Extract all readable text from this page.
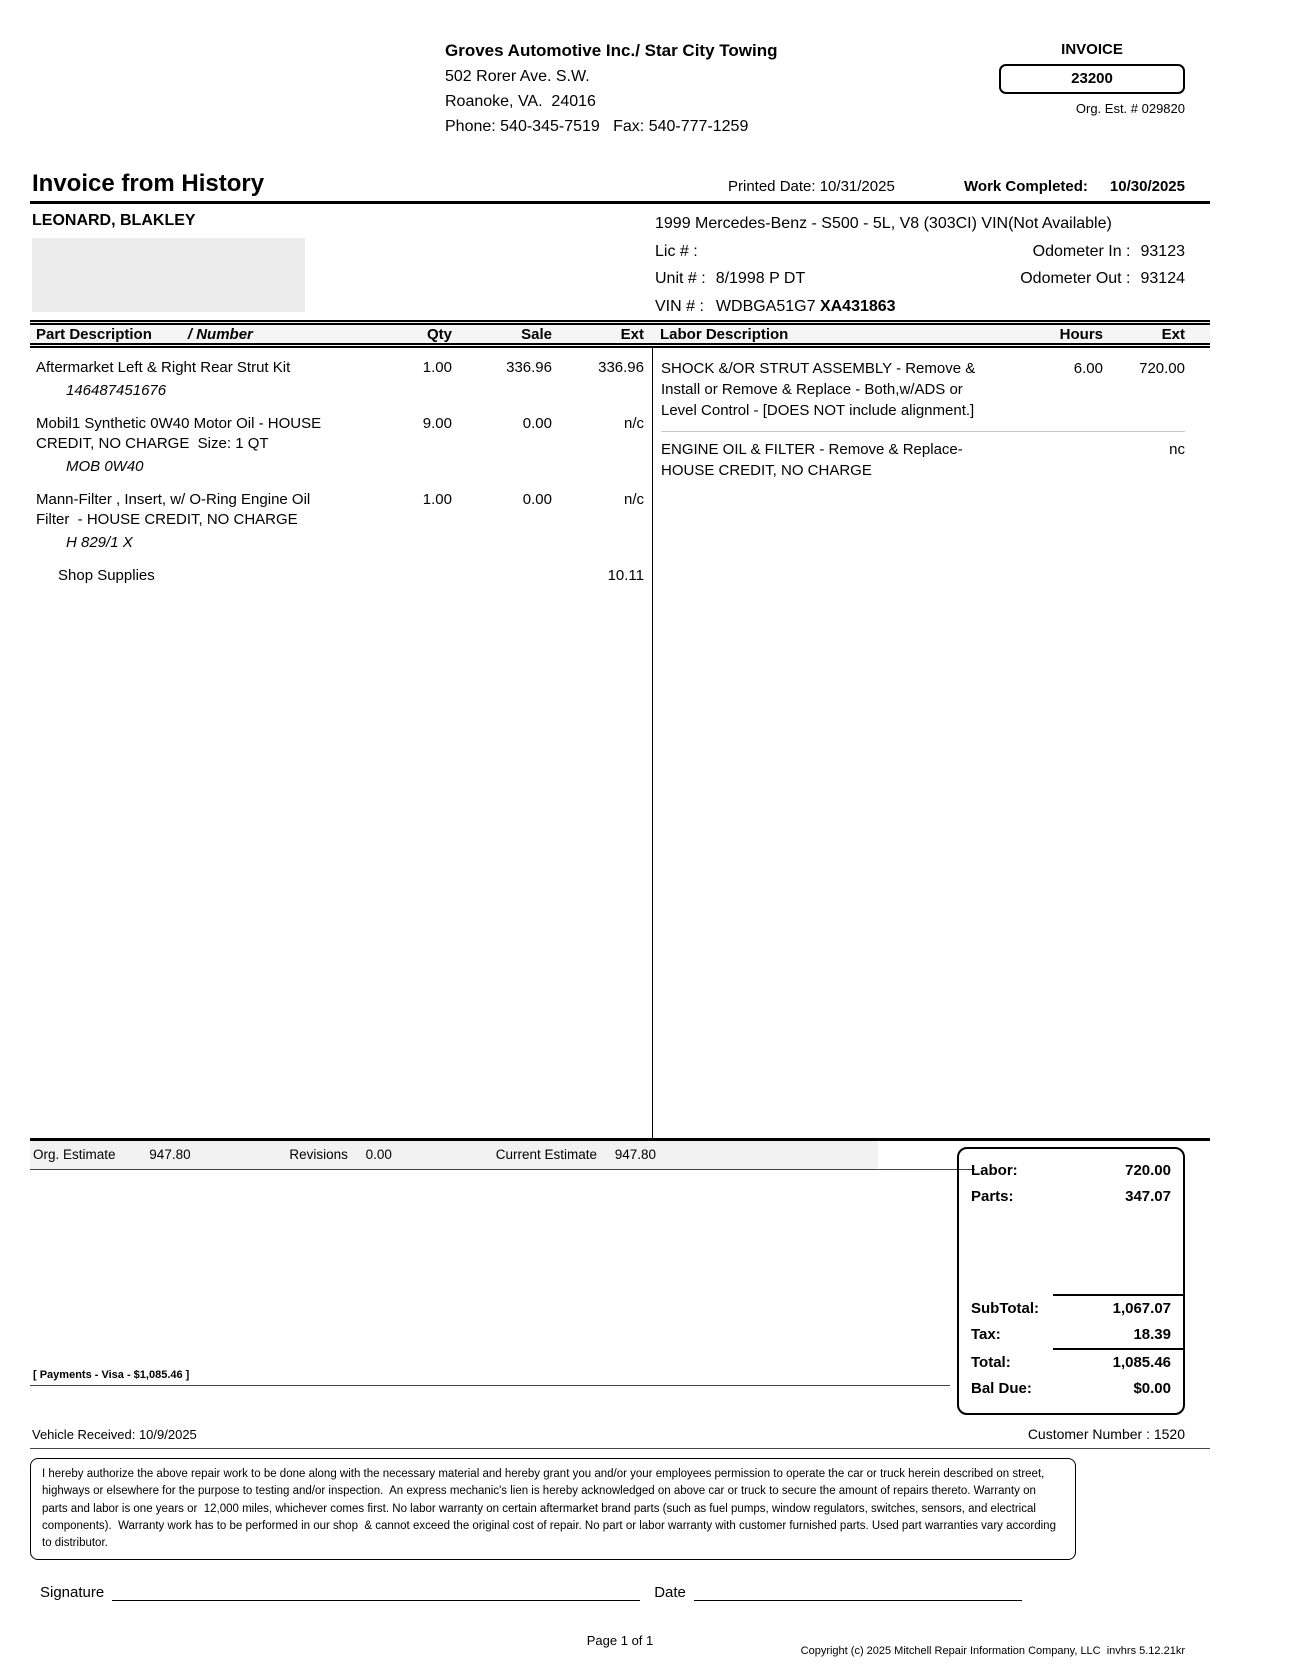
Groves Automotive Inc./ Star City Towing
502 Rorer Ave. S.W.
Roanoke, VA.  24016
Phone: 540-345-7519   Fax: 540-777-1259
INVOICE
23200
Org. Est. # 029820
Invoice from History	Printed Date: 10/31/2025	Work Completed: 10/30/2025
LEONARD, BLAKLEY	1999 Mercedes-Benz - S500 - 5L, V8 (303CI) VIN(Not Available)
Lic # :	Odometer In : 93123
Unit # : 8/1998 P DT	Odometer Out : 93124
VIN # : WDBGA51G7 XA431863
Part Description / Number	Qty	Sale	Ext Labor Description	Hours	Ext
Aftermarket Left & Right Rear Strut Kit
146487451676
1.00	336.96	336.96
Mobil1 Synthetic 0W40 Motor Oil - HOUSE CREDIT, NO CHARGE  Size: 1 QT
MOB 0W40
9.00	0.00	n/c
Mann-Filter , Insert, w/ O-Ring Engine Oil Filter  - HOUSE CREDIT, NO CHARGE
H 829/1 X
1.00	0.00	n/c
Shop Supplies	10.11
SHOCK &/OR STRUT ASSEMBLY - Remove & Install or Remove & Replace - Both,w/ADS or Level Control - [DOES NOT include alignment.]
6.00	720.00
ENGINE OIL & FILTER - Remove & Replace- HOUSE CREDIT, NO CHARGE
nc
Org. Estimate	947.80	Revisions 0.00	Current Estimate 947.80
Labor:	720.00
Parts:	347.07
SubTotal:	1,067.07
Tax:	18.39
Total:	1,085.46
Bal Due:	$0.00
[ Payments - Visa - $1,085.46 ]
Vehicle Received: 10/9/2025	Customer Number : 1520
I hereby authorize the above repair work to be done along with the necessary material and hereby grant you and/or your employees permission to operate the car or truck herein described on street, highways or elsewhere for the purpose to testing and/or inspection.  An express mechanic's lien is hereby acknowledged on above car or truck to secure the amount of repairs thereto. Warranty on parts and labor is one years or  12,000 miles, whichever comes first. No labor warranty on certain aftermarket brand parts (such as fuel pumps, window regulators, switches, sensors, and electrical components).  Warranty work has to be performed in our shop  & cannot exceed the original cost of repair. No part or labor warranty with customer furnished parts. Used part warranties vary according to distributor.
Signature	Date
Page 1 of 1
Copyright (c) 2025 Mitchell Repair Information Company, LLC  invhrs 5.12.21kr
